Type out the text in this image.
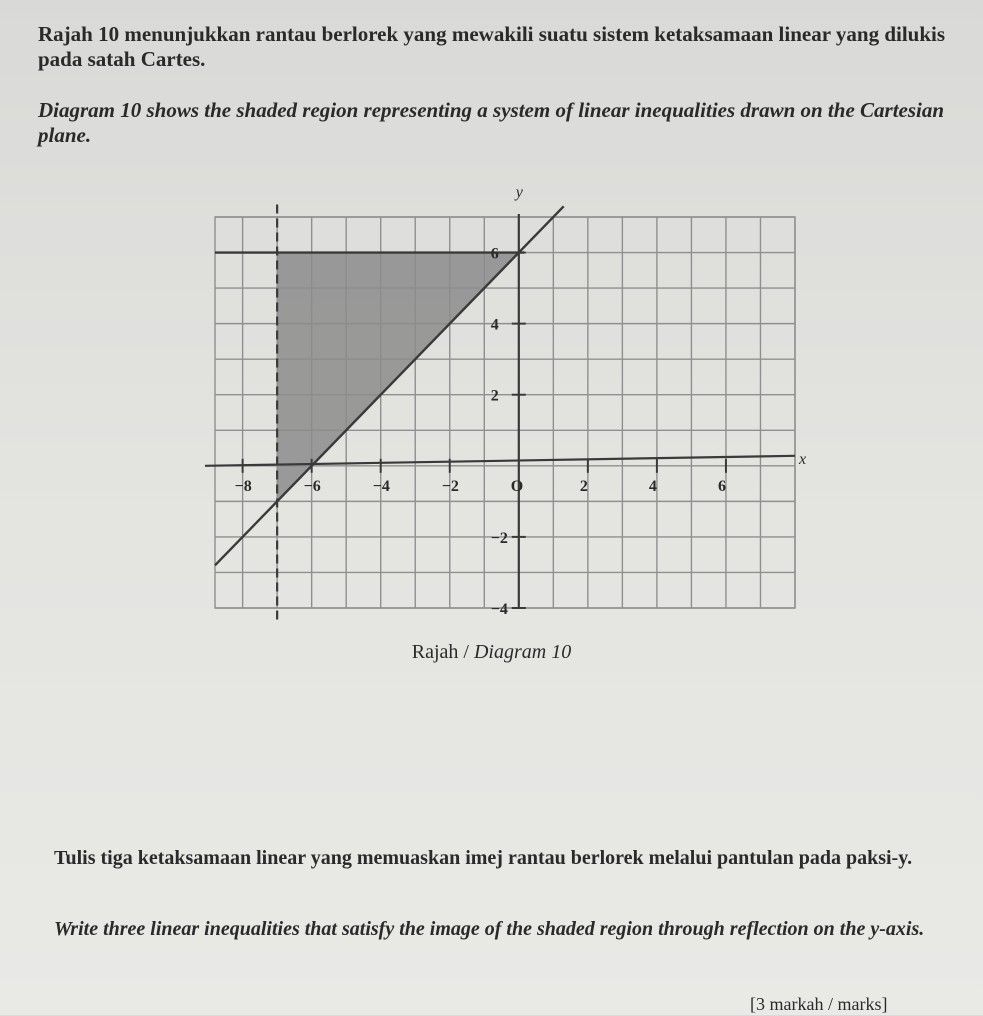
Rajah 10 menunjukkan rantau berlorek yang mewakili suatu sistem ketaksamaan linear yang dilukis pada satah Cartes.

Diagram 10 shows the shaded region representing a system of linear inequalities drawn on the Cartesian plane.

−8	−6	−4	−2	O	2	4	6
6
4
2
−2
−4
x
y
Rajah / Diagram 10

Tulis tiga ketaksamaan linear yang memuaskan imej rantau berlorek melalui pantulan pada paksi-y.

Write three linear inequalities that satisfy the image of the shaded region through reflection on the y-axis.

[3 markah / marks]
